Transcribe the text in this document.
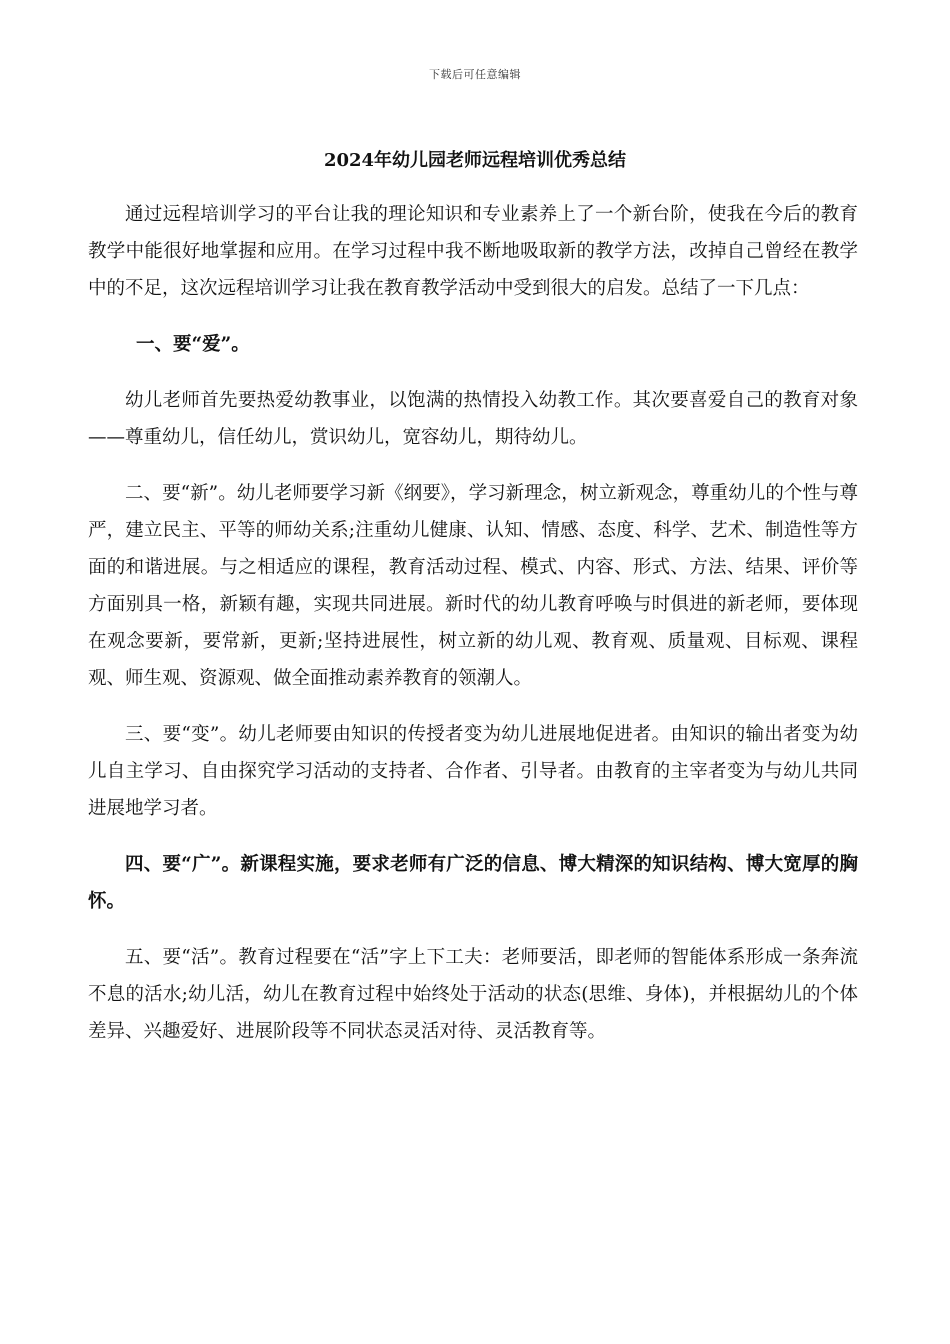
下载后可任意编辑
2024年幼儿园老师远程培训优秀总结

通过远程培训学习的平台让我的理论知识和专业素养上了一个新台阶，使我在今后的教育教学中能很好地掌握和应用。在学习过程中我不断地吸取新的教学方法，改掉自己曾经在教学中的不足，这次远程培训学习让我在教育教学活动中受到很大的启发。总结了一下几点：

一、要“爱”。

幼儿老师首先要热爱幼教事业，以饱满的热情投入幼教工作。其次要喜爱自己的教育对象——尊重幼儿，信任幼儿，赏识幼儿，宽容幼儿，期待幼儿。

二、要“新”。幼儿老师要学习新《纲要》，学习新理念，树立新观念，尊重幼儿的个性与尊严，建立民主、平等的师幼关系;注重幼儿健康、认知、情感、态度、科学、艺术、制造性等方面的和谐进展。与之相适应的课程，教育活动过程、模式、内容、形式、方法、结果、评价等方面别具一格，新颖有趣，实现共同进展。新时代的幼儿教育呼唤与时俱进的新老师，要体现在观念要新，要常新，更新;坚持进展性，树立新的幼儿观、教育观、质量观、目标观、课程观、师生观、资源观、做全面推动素养教育的领潮人。

三、要“变”。幼儿老师要由知识的传授者变为幼儿进展地促进者。由知识的输出者变为幼儿自主学习、自由探究学习活动的支持者、合作者、引导者。由教育的主宰者变为与幼儿共同进展地学习者。

四、要“广”。新课程实施，要求老师有广泛的信息、博大精深的知识结构、博大宽厚的胸怀。

五、要“活”。教育过程要在“活”字上下工夫：老师要活，即老师的智能体系形成一条奔流不息的活水;幼儿活，幼儿在教育过程中始终处于活动的状态(思维、身体)，并根据幼儿的个体差异、兴趣爱好、进展阶段等不同状态灵活对待、灵活教育等。
